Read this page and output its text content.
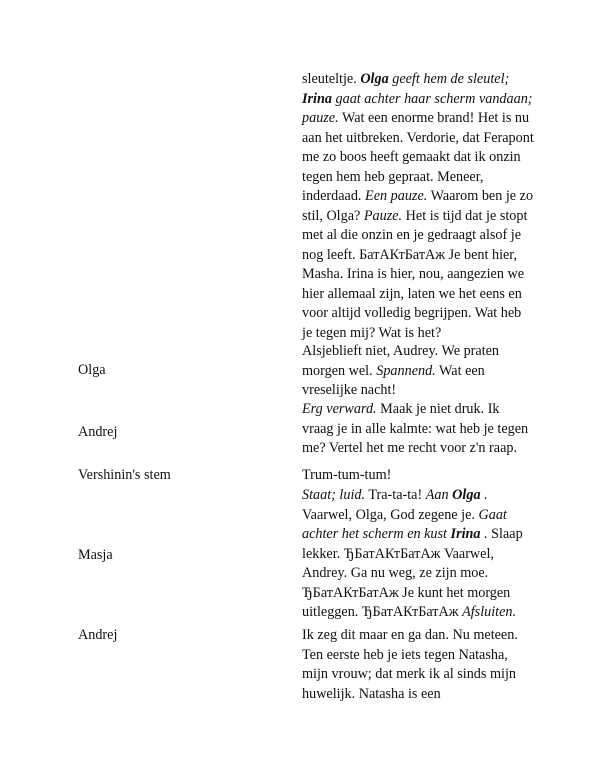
sleuteltje. Olga geeft hem de sleutel; Irina gaat achter haar scherm vandaan; pauze. Wat een enorme brand! Het is nu aan het uitbreken. Verdorie, dat Ferapont me zo boos heeft gemaakt dat ik onzin tegen hem heb gepraat. Meneer, inderdaad. Een pauze. Waarom ben je zo stil, Olga? Pauze. Het is tijd dat je stopt met al die onzin en je gedraagt alsof je nog leeft. БатАКтБатАж Je bent hier, Masha. Irina is hier, nou, aangezien we hier allemaal zijn, laten we het eens en voor altijd volledig begrijpen. Wat heb je tegen mij? Wat is het?
Olga
Alsjeblieft niet, Audrey. We praten morgen wel. Spannend. Wat een vreselijke nacht!
Andrej
Erg verward. Maak je niet druk. Ik vraag je in alle kalmte: wat heb je tegen me? Vertel het me recht voor z'n raap.
Vershinin's stem	Trum-tum-tum!
Masja
Staat; luid. Tra-ta-ta! Aan Olga . Vaarwel, Olga, God zegene je. Gaat achter het scherm en kust Irina . Slaap lekker. ЂБатАКтБатАж Vaarwel, Andrey. Ga nu weg, ze zijn moe. ЂБатАКтБатАж Je kunt het morgen uitleggen. ЂБатАКтБатАж Afsluiten.
Andrej	Ik zeg dit maar en ga dan. Nu meteen. Ten eerste heb je iets tegen Natasha, mijn vrouw; dat merk ik al sinds mijn huwelijk. Natasha is een
